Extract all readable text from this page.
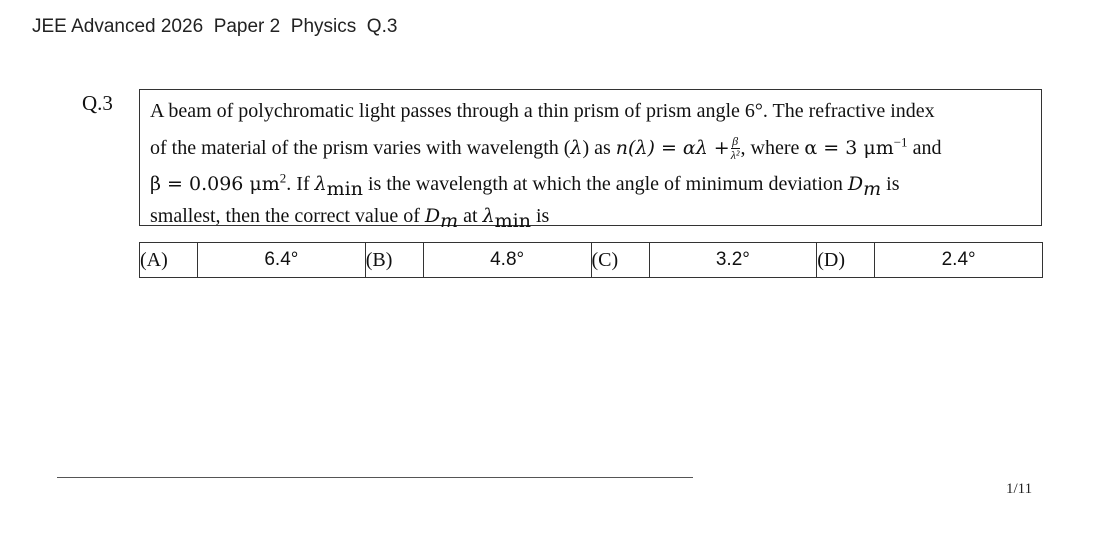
JEE Advanced 2026  Paper 2  Physics  Q.3
Q.3 A beam of polychromatic light passes through a thin prism of prism angle 6°. The refractive index
of the material of the prism varies with wavelength (λ) as $n(\lambda) = \alpha\lambda + \frac{\beta}{\text{λ²}}$ , where α = 3 $\mu m^{-1}$ and
β = 0.096 $\mu m^2$. If $\lambda_{min}$ is the wavelength at which the angle of minimum deviation $D_m$ is
smallest, then the correct value of $D_m$ at $\lambda_{min}$ is
(A)	6.4°	(B)	4.8°	(C)	3.2°	(D)	2.4°
1/11
